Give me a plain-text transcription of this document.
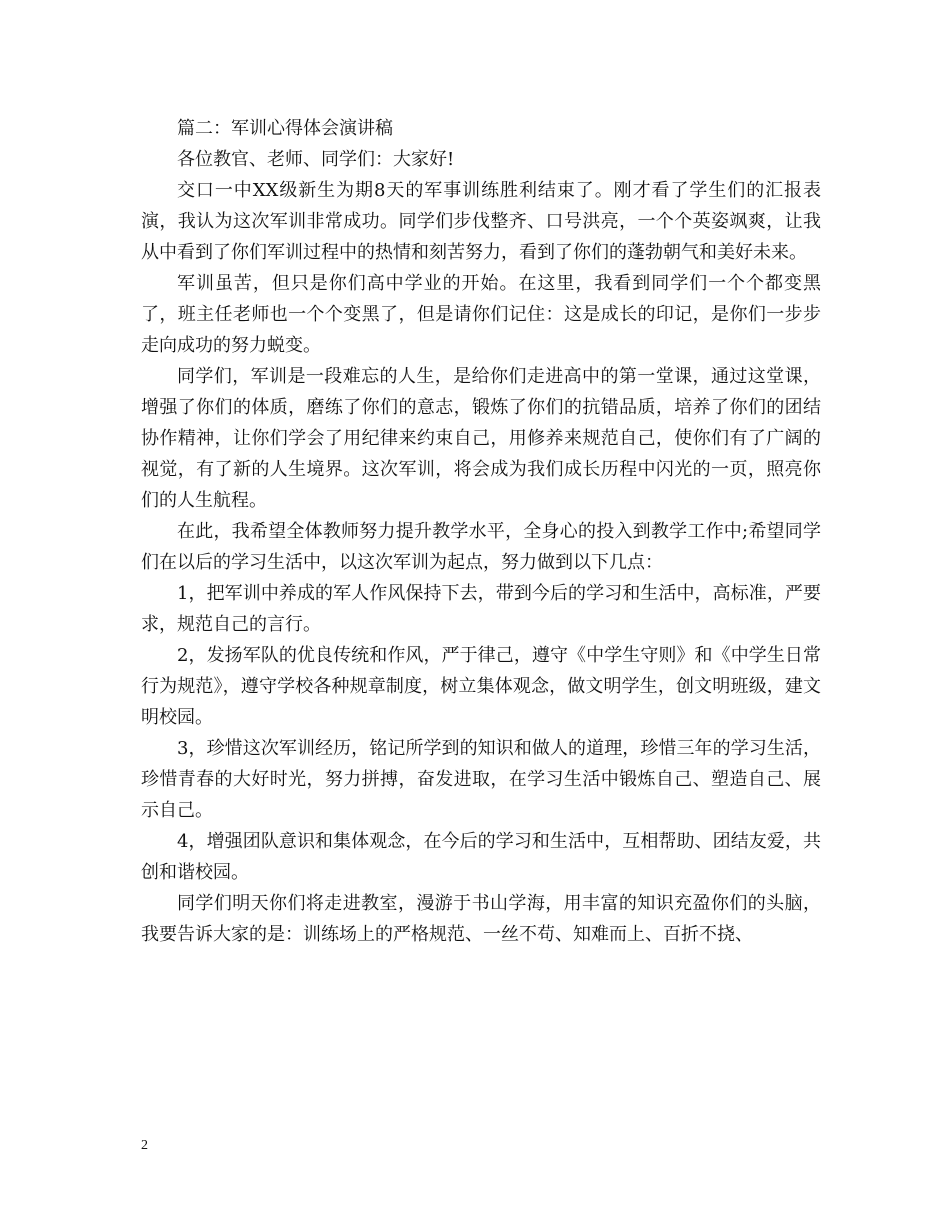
篇二：军训心得体会演讲稿

各位教官、老师、同学们：大家好!

交口一中XX级新生为期8天的军事训练胜利结束了。刚才看了学生们的汇报表演，我认为这次军训非常成功。同学们步伐整齐、口号洪亮，一个个英姿飒爽，让我从中看到了你们军训过程中的热情和刻苦努力，看到了你们的蓬勃朝气和美好未来。

军训虽苦，但只是你们高中学业的开始。在这里，我看到同学们一个个都变黑了，班主任老师也一个个变黑了，但是请你们记住：这是成长的印记，是你们一步步走向成功的努力蜕变。

同学们，军训是一段难忘的人生，是给你们走进高中的第一堂课，通过这堂课，增强了你们的体质，磨练了你们的意志，锻炼了你们的抗错品质，培养了你们的团结协作精神，让你们学会了用纪律来约束自己，用修养来规范自己，使你们有了广阔的视觉，有了新的人生境界。这次军训，将会成为我们成长历程中闪光的一页，照亮你们的人生航程。

在此，我希望全体教师努力提升教学水平，全身心的投入到教学工作中;希望同学们在以后的学习生活中，以这次军训为起点，努力做到以下几点：

1，把军训中养成的军人作风保持下去，带到今后的学习和生活中，高标准，严要求，规范自己的言行。

2，发扬军队的优良传统和作风，严于律己，遵守《中学生守则》和《中学生日常行为规范》，遵守学校各种规章制度，树立集体观念，做文明学生，创文明班级，建文明校园。

3，珍惜这次军训经历，铭记所学到的知识和做人的道理，珍惜三年的学习生活，珍惜青春的大好时光，努力拼搏，奋发进取，在学习生活中锻炼自己、塑造自己、展示自己。

4，增强团队意识和集体观念，在今后的学习和生活中，互相帮助、团结友爱，共创和谐校园。

同学们明天你们将走进教室，漫游于书山学海，用丰富的知识充盈你们的头脑，我要告诉大家的是：训练场上的严格规范、一丝不苟、知难而上、百折不挠、

2
